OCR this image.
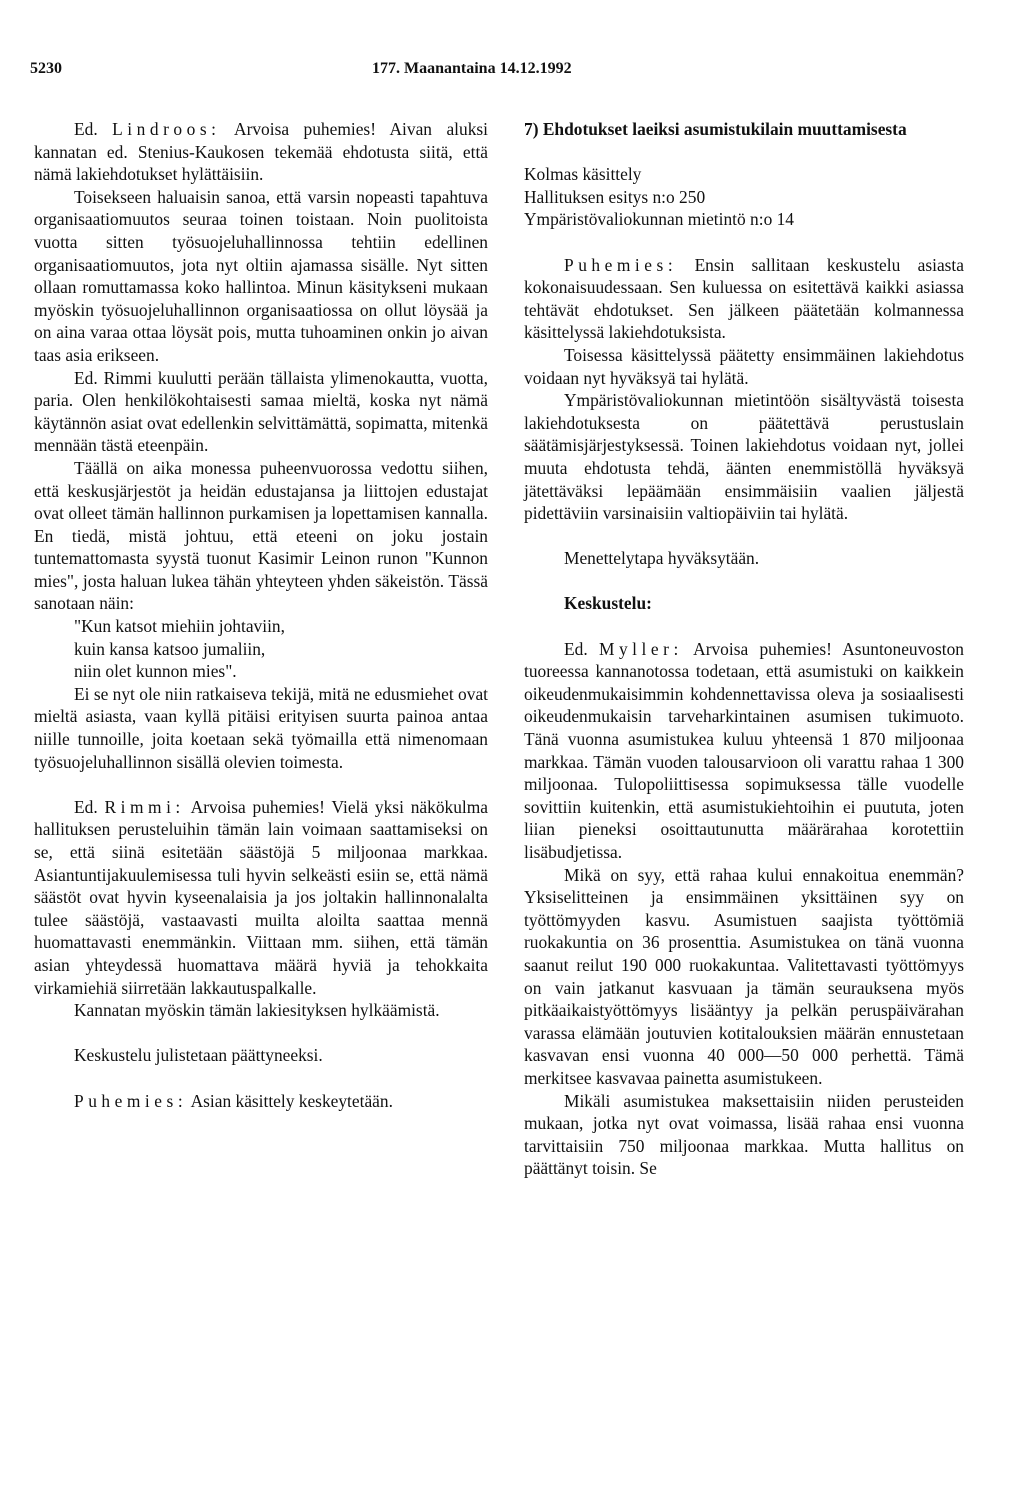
5230	177. Maanantaina 14.12.1992

Ed. Lindroos: Arvoisa puhemies! Aivan aluksi kannatan ed. Stenius-Kaukosen tekemää ehdotusta siitä, että nämä lakiehdotukset hylättäisiin.

Toisekseen haluaisin sanoa, että varsin nopeasti tapahtuva organisaatiomuutos seuraa toinen toistaan. Noin puolitoista vuotta sitten työsuojeluhallinnossa tehtiin edellinen organisaatiomuutos, jota nyt oltiin ajamassa sisälle. Nyt sitten ollaan romuttamassa koko hallintoa. Minun käsitykseni mukaan myöskin työsuojeluhallinnon organisaatiossa on ollut löysää ja on aina varaa ottaa löysät pois, mutta tuhoaminen onkin jo aivan taas asia erikseen.

Ed. Rimmi kuulutti perään tällaista ylimenokautta, vuotta, paria. Olen henkilökohtaisesti samaa mieltä, koska nyt nämä käytännön asiat ovat edellenkin selvittämättä, sopimatta, mitenkä mennään tästä eteenpäin.

Täällä on aika monessa puheenvuorossa vedottu siihen, että keskusjärjestöt ja heidän edustajansa ja liittojen edustajat ovat olleet tämän hallinnon purkamisen ja lopettamisen kannalla. En tiedä, mistä johtuu, että eteeni on joku jostain tuntemattomasta syystä tuonut Kasimir Leinon runon "Kunnon mies", josta haluan lukea tähän yhteyteen yhden säkeistön. Tässä sanotaan näin:

"Kun katsot miehiin johtaviin,

kuin kansa katsoo jumaliin,

niin olet kunnon mies".

Ei se nyt ole niin ratkaiseva tekijä, mitä ne edusmiehet ovat mieltä asiasta, vaan kyllä pitäisi erityisen suurta painoa antaa niille tunnoille, joita koetaan sekä työmailla että nimenomaan työsuojeluhallinnon sisällä olevien toimesta.

Ed. Rimmi: Arvoisa puhemies! Vielä yksi näkökulma hallituksen perusteluihin tämän lain voimaan saattamiseksi on se, että siinä esitetään säästöjä 5 miljoonaa markkaa. Asiantuntijakuulemisessa tuli hyvin selkeästi esiin se, että nämä säästöt ovat hyvin kyseenalaisia ja jos joltakin hallinnonalalta tulee säästöjä, vastaavasti muilta aloilta saattaa mennä huomattavasti enemmänkin. Viittaan mm. siihen, että tämän asian yhteydessä huomattava määrä hyviä ja tehokkaita virkamiehiä siirretään lakkautuspalkalle.

Kannatan myöskin tämän lakiesityksen hylkäämistä.

Keskustelu julistetaan päättyneeksi.

Puhemies: Asian käsittely keskeytetään.

7) Ehdotukset laeiksi asumistukilain muuttamisesta

Kolmas käsittely

Hallituksen esitys n:o 250

Ympäristövaliokunnan mietintö n:o 14

Puhemies: Ensin sallitaan keskustelu asiasta kokonaisuudessaan. Sen kuluessa on esitettävä kaikki asiassa tehtävät ehdotukset. Sen jälkeen päätetään kolmannessa käsittelyssä lakiehdotuksista.

Toisessa käsittelyssä päätetty ensimmäinen lakiehdotus voidaan nyt hyväksyä tai hylätä.

Ympäristövaliokunnan mietintöön sisältyvästä toisesta lakiehdotuksesta on päätettävä perustuslain säätämisjärjestyksessä. Toinen lakiehdotus voidaan nyt, jollei muuta ehdotusta tehdä, äänten enemmistöllä hyväksyä jätettäväksi lepäämään ensimmäisiin vaalien jäljestä pidettäviin varsinaisiin valtiopäiviin tai hylätä.

Menettelytapa hyväksytään.

Keskustelu:

Ed. Myller: Arvoisa puhemies! Asuntoneuvoston tuoreessa kannanotossa todetaan, että asumistuki on kaikkein oikeudenmukaisimmin kohdennettavissa oleva ja sosiaalisesti oikeudenmukaisin tarveharkintainen asumisen tukimuoto. Tänä vuonna asumistukea kuluu yhteensä 1 870 miljoonaa markkaa. Tämän vuoden talousarvioon oli varattu rahaa 1 300 miljoonaa. Tulopoliittisessa sopimuksessa tälle vuodelle sovittiin kuitenkin, että asumistukiehtoihin ei puututa, joten liian pieneksi osoittautunutta määrärahaa korotettiin lisäbudjetissa.

Mikä on syy, että rahaa kului ennakoitua enemmän? Yksiselitteinen ja ensimmäinen yksittäinen syy on työttömyyden kasvu. Asumistuen saajista työttömiä ruokakuntia on 36 prosenttia. Asumistukea on tänä vuonna saanut reilut 190 000 ruokakuntaa. Valitettavasti työttömyys on vain jatkanut kasvuaan ja tämän seurauksena myös pitkäaikaistyöttömyys lisääntyy ja pelkän peruspäivärahan varassa elämään joutuvien kotitalouksien määrän ennustetaan kasvavan ensi vuonna 40 000—50 000 perhettä. Tämä merkitsee kasvavaa painetta asumistukeen.

Mikäli asumistukea maksettaisiin niiden perusteiden mukaan, jotka nyt ovat voimassa, lisää rahaa ensi vuonna tarvittaisiin 750 miljoonaa markkaa. Mutta hallitus on päättänyt toisin. Se
